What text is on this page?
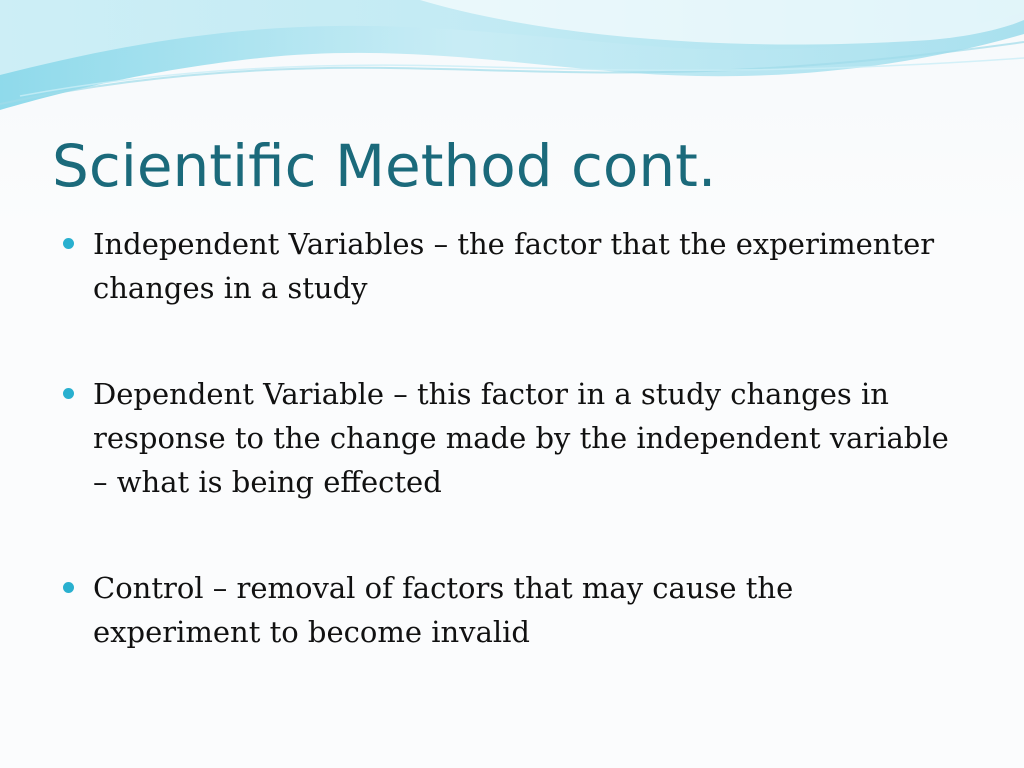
Scientific Method cont.
Independent Variables – the factor that the experimenter changes in a study
Dependent Variable – this factor in a study changes in response to the change made by the independent variable – what is being effected
Control – removal of factors that may cause the experiment to become invalid
